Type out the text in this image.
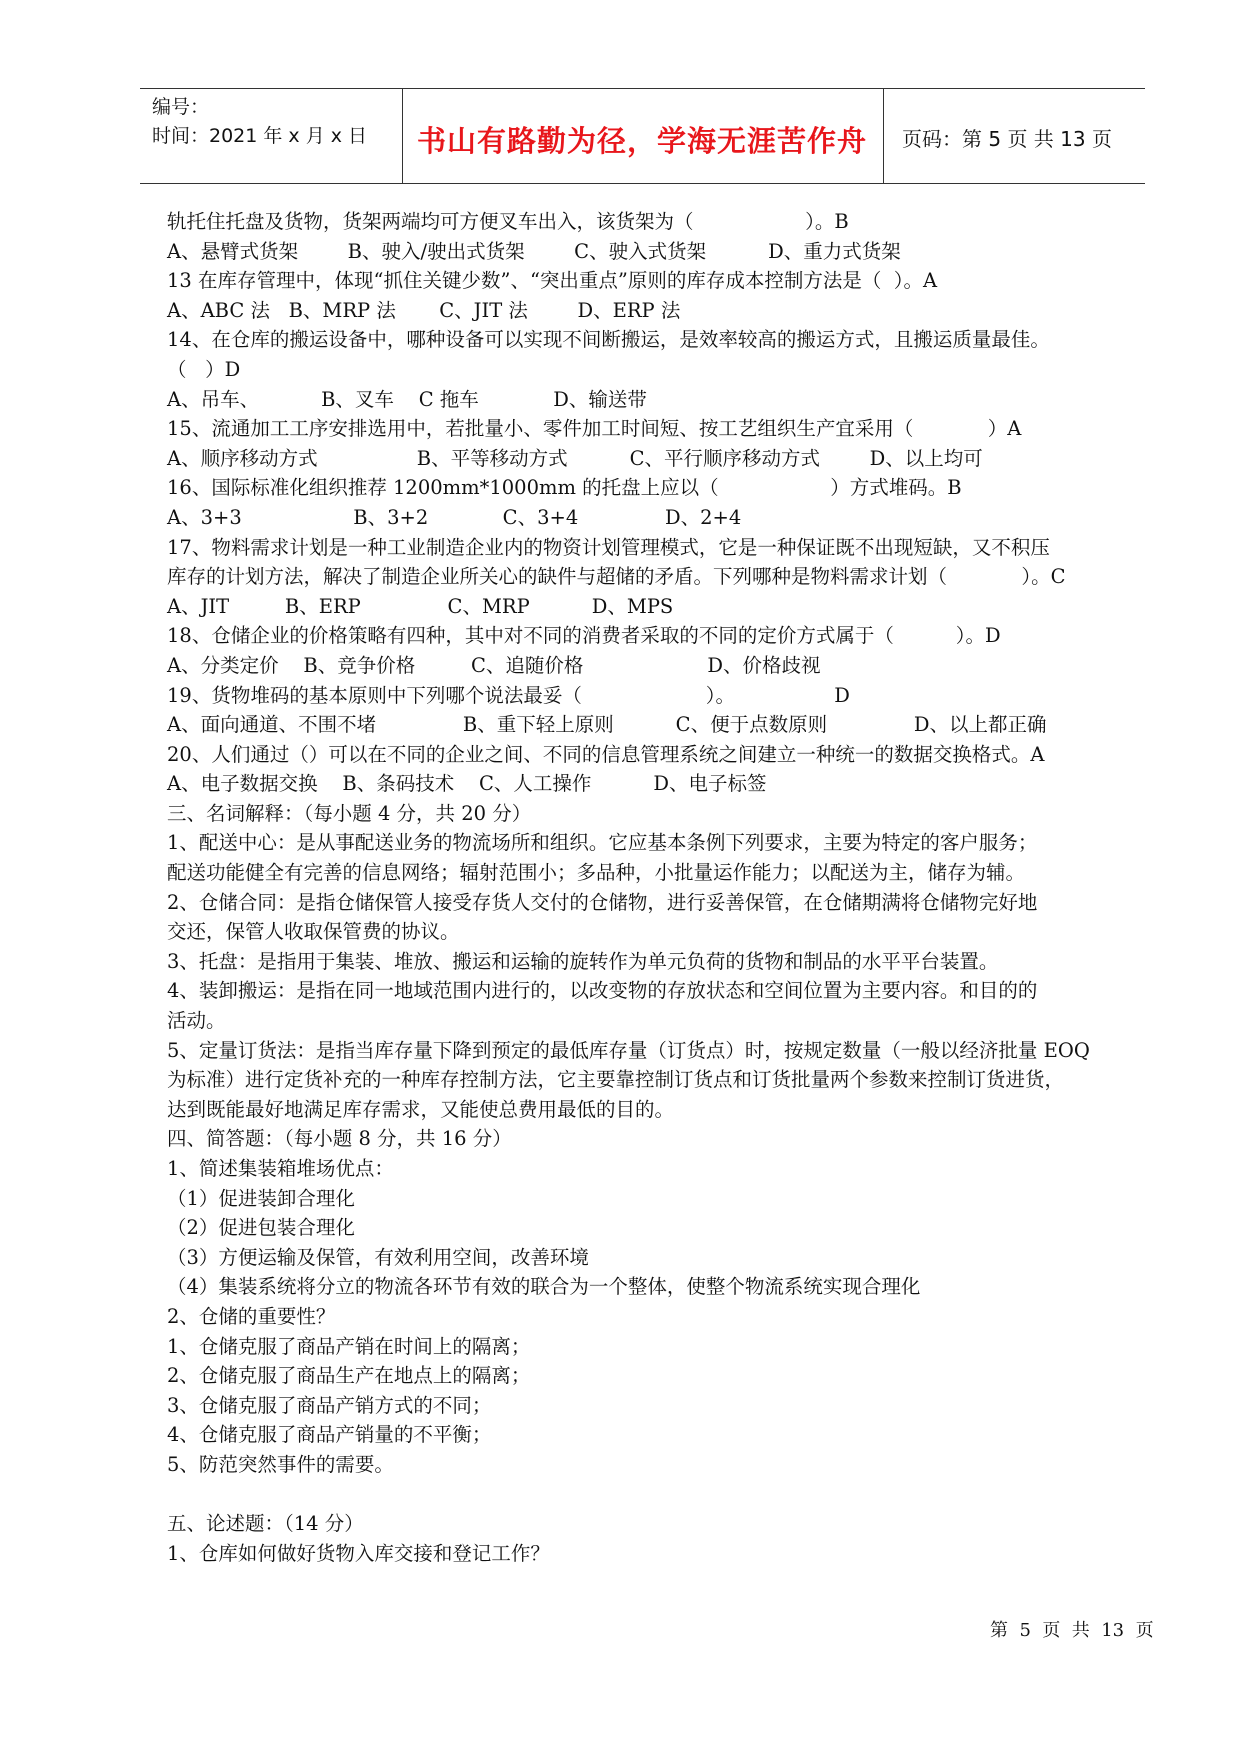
编号：
时间：2021 年 x 月 x 日	书山有路勤为径，学海无涯苦作舟	页码：第 5 页 共 13 页
轨托住托盘及货物，货架两端均可方便叉车出入，该货架为（                  ）。B
A、悬臂式货架        B、驶入/驶出式货架        C、驶入式货架          D、重力式货架
13 在库存管理中，体现“抓住关键少数”、“突出重点”原则的库存成本控制方法是（  ）。A
A、ABC 法   B、MRP 法       C、JIT 法        D、ERP 法
14、在仓库的搬运设备中，哪种设备可以实现不间断搬运，是效率较高的搬运方式，且搬运质量最佳。
（   ）D
A、吊车、          B、叉车    C 拖车            D、输送带
15、流通加工工序安排选用中，若批量小、零件加工时间短、按工艺组织生产宜采用（            ）A
A、顺序移动方式                B、平等移动方式          C、平行顺序移动方式        D、以上均可
16、国际标准化组织推荐 1200mm*1000mm 的托盘上应以（                  ）方式堆码。B
A、3+3                  B、3+2            C、3+4              D、2+4
17、物料需求计划是一种工业制造企业内的物资计划管理模式，它是一种保证既不出现短缺，又不积压
库存的计划方法，解决了制造企业所关心的缺件与超储的矛盾。下列哪种是物料需求计划（            ）。C
A、JIT         B、ERP              C、MRP          D、MPS
18、仓储企业的价格策略有四种，其中对不同的消费者采取的不同的定价方式属于（          ）。D
A、分类定价    B、竞争价格         C、追随价格                    D、价格歧视
19、货物堆码的基本原则中下列哪个说法最妥（                    ）。                D
A、面向通道、不围不堵              B、重下轻上原则          C、便于点数原则              D、以上都正确
20、人们通过（）可以在不同的企业之间、不同的信息管理系统之间建立一种统一的数据交换格式。A
A、电子数据交换    B、条码技术    C、人工操作          D、电子标签
三、名词解释：（每小题 4 分，共 20 分）
1、配送中心：是从事配送业务的物流场所和组织。它应基本条例下列要求，主要为特定的客户服务；
配送功能健全有完善的信息网络；辐射范围小；多品种，小批量运作能力；以配送为主，储存为辅。
2、仓储合同：是指仓储保管人接受存货人交付的仓储物，进行妥善保管，在仓储期满将仓储物完好地
交还，保管人收取保管费的协议。
3、托盘：是指用于集装、堆放、搬运和运输的旋转作为单元负荷的货物和制品的水平平台装置。
4、装卸搬运：是指在同一地域范围内进行的，以改变物的存放状态和空间位置为主要内容。和目的的
活动。
5、定量订货法：是指当库存量下降到预定的最低库存量（订货点）时，按规定数量（一般以经济批量 EOQ
为标准）进行定货补充的一种库存控制方法，它主要靠控制订货点和订货批量两个参数来控制订货进货，
达到既能最好地满足库存需求，又能使总费用最低的目的。
四、简答题：（每小题 8 分，共 16 分）
1、简述集装箱堆场优点：
（1）促进装卸合理化
（2）促进包装合理化
（3）方便运输及保管，有效利用空间，改善环境
（4）集装系统将分立的物流各环节有效的联合为一个整体，使整个物流系统实现合理化
2、仓储的重要性？
1、仓储克服了商品产销在时间上的隔离；
2、仓储克服了商品生产在地点上的隔离；
3、仓储克服了商品产销方式的不同；
4、仓储克服了商品产销量的不平衡；
5、防范突然事件的需要。
五、论述题：（14 分）
1、仓库如何做好货物入库交接和登记工作？
第  5  页  共  13  页
